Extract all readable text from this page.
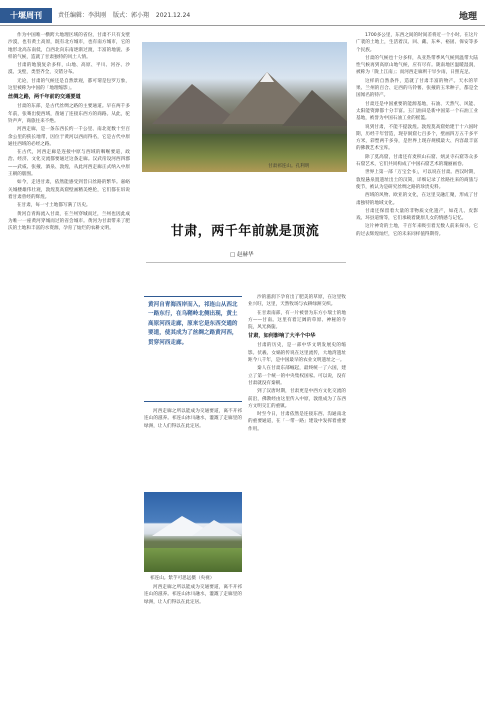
十堰周刊	责任编辑：李洪刚 版式：郭小翔 2021.12.24	地理

作为中国唯一横跨大地理区域的省份，甘肃不只有戈壁沙漠，也有黄土高原，既有北方城市，也有南方城市，它的地形北高东南低，自西北向东南逐渐过渡，丰富的地貌、多样的气候，造就了甘肃独特的风土人情。

甘肃的地貌复杂多样，山地、高原、平川、河谷、沙漠、戈壁，类型齐全，交错分布。

无论，甘肃的气候还是自然景观，都可谓是包罗万象，这里被称为中国的「地理缩影」。

丝绸之路，两千年前的交通要道

甘肃的东部，是古代丝绸之路的主要通道。早在两千多年前，张骞出使西域，凿通了连接东西方的商路。从此，驼铃声声，商旅往来不绝。

河西走廊，是一条东西长约一千公里、南北宽数十至百余公里的狭长地带，因位于黄河以西而得名，它是古代中原通往西域的必经之路。

在古代，河西走廊是连接中原与西域的咽喉要道，政治、经济、文化交流都要通过这条走廊。汉武帝设河西四郡——武威、张掖、酒泉、敦煌，从此河西走廊正式纳入中原王朝的版图。

如今，走进甘肃，依然能感受到昔日丝路的繁华。嘉峪关城楼雄伟壮观，敦煌莫高窟壁画精美绝伦，它们都在诉说着甘肃曾经的辉煌。

在甘肃，每一寸土地都写满了历史。

黄河自青海流入甘肃，在兰州穿城而过，兰州也因此成为唯一一座黄河穿城而过的省会城市。黄河为甘肃带来了肥沃的土地和丰富的水资源，孕育了灿烂的农耕文明。

甘肃祁连山。孔利明
甘肃，两千年前就是顶流
□ 赵赫华
黄河自青海西岸而入，祁连山从西北一路东行，在乌鞘岭北侧出现，黄土高原河西走廊，原来它是东西交通的要道，使其成为了丝绸之路黄河西，贯穿河西走廊。

河西走廊之所以能成为交通要道，离不开祁连山的滋养。祁连山冰川融水，灌溉了走廊里的绿洲，让人们得以在此定居。

祁连山。紫芋可思远摄（央视）

河西走廊之所以能成为交通要道，离不开祁连山的滋养。祁连山冰川融水，灌溉了走廊里的绿洲，让人们得以在此定居。

沙的滋润下孕育出了肥美的草原，在这里牧业兴旺，这里，天然牧场与农耕绿洲交织。

在甘肃南部，有一片被誉为东方小瑞士的地方——甘南。这里有着辽阔的草原、神秘的寺院，风光旖旎。

甘肃，如何影响了大半个中华

甘肃的历史，是一部中华文明发展史的缩影。伏羲、女娲的传说在这里流传，大地湾遗址距今八千年，是中国最早的农业文明遗址之一。

秦人在甘肃东部崛起，最终统一了六国，建立了第一个统一的中央集权国家。可以说，没有甘肃就没有秦朝。

到了汉唐时期，甘肃更是中西方文化交流的前沿，佛教经由这里传入中原，敦煌成为了东西方文明交汇的重镇。

时至今日，甘肃依然是连接东西、沟通南北的重要通道，在「一带一路」建设中发挥着重要作用。

1700多公里，东西之间的时间差将近一个小时。在这片广袤的土地上，生活着汉、回、藏、东乡、裕固、保安等多个民族。

甘肃的气候也十分多样，从亚热带季风气候到温带大陆性气候再到高原山地气候，应有尽有。陇南地区温暖湿润，被称为「陇上江南」；而河西走廊则干旱少雨，日照充足。

这样的自然条件，造就了甘肃丰富的物产。天水的苹果、兰州的百合、定西的马铃薯、张掖的玉米种子，都是全国闻名的特产。

甘肃还是中国重要的能源基地，石油、天然气、风能、太阳能资源都十分丰富。玉门油田是新中国第一个石油工业基地，被誉为中国石油工业的摇篮。

说到甘肃，不能不提敦煌。敦煌莫高窟始建于十六国时期，历经千年营造，现存洞窟七百多个，壁画四万五千多平方米，彩塑两千多身，是世界上现存规模最大、内容最丰富的佛教艺术宝库。

除了莫高窟，甘肃还有麦积山石窟、炳灵寺石窟等众多石窟艺术，它们共同构成了中国石窟艺术的瑰丽画卷。

世界上第一部「万宝全书」，可以说在甘肃。西汉时期，敦煌悬泉置遗址出土的汉简，详细记录了丝路往来的商旅与使节，被认为是研究丝绸之路的珍贵史料。

西域的风物、欧亚的文化，在这里交融汇聚，形成了甘肃独特的地域文化。

甘肃还保留着大量的非物质文化遗产，如花儿、皮影戏、环县道情等，它们承载着陇原儿女的情感与记忆。

这片神奇的土地，千百年来吸引着无数人前来探寻。它的过去辉煌灿烂，它的未来同样值得期待。
